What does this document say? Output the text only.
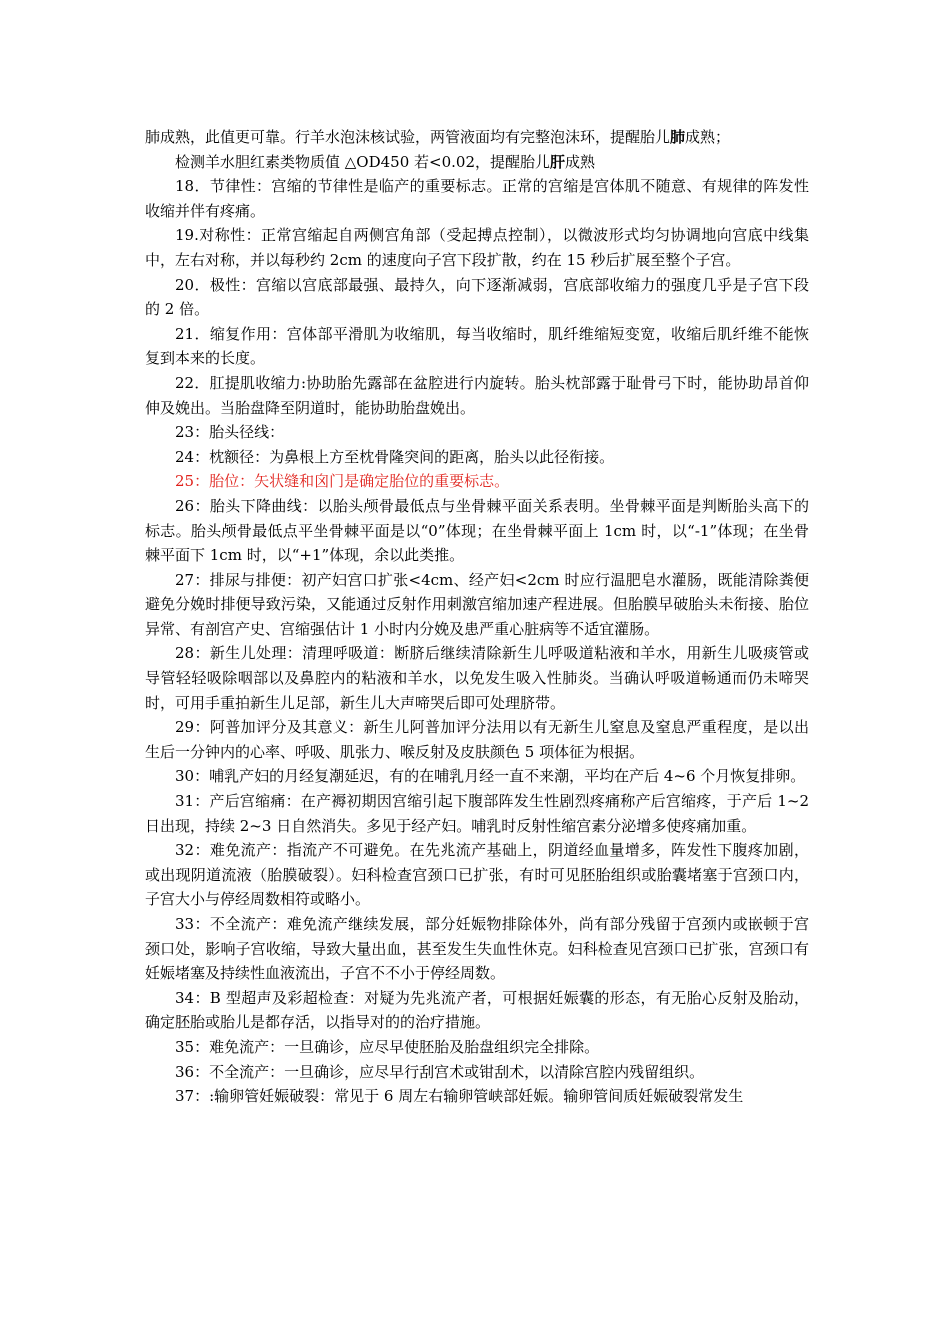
肺成熟，此值更可靠。行羊水泡沫核试验，两管液面均有完整泡沫环，提醒胎儿肺成熟；

检测羊水胆红素类物质值 △OD450 若<0.02，提醒胎儿肝成熟

18．节律性：宫缩的节律性是临产的重要标志。正常的宫缩是宫体肌不随意、有规律的阵发性收缩并伴有疼痛。

19.对称性：正常宫缩起自两侧宫角部（受起搏点控制），以微波形式均匀协调地向宫底中线集中，左右对称，并以每秒约 2cm 的速度向子宫下段扩散，约在 15 秒后扩展至整个子宫。

20．极性：宫缩以宫底部最强、最持久，向下逐渐减弱，宫底部收缩力的强度几乎是子宫下段的 2 倍。

21．缩复作用：宫体部平滑肌为收缩肌，每当收缩时，肌纤维缩短变宽，收缩后肌纤维不能恢复到本来的长度。

22．肛提肌收缩力:协助胎先露部在盆腔进行内旋转。胎头枕部露于耻骨弓下时，能协助昂首仰伸及娩出。当胎盘降至阴道时，能协助胎盘娩出。

23：胎头径线：

24：枕额径：为鼻根上方至枕骨隆突间的距离，胎头以此径衔接。

25：胎位：矢状缝和囟门是确定胎位的重要标志。

26：胎头下降曲线：以胎头颅骨最低点与坐骨棘平面关系表明。坐骨棘平面是判断胎头高下的标志。胎头颅骨最低点平坐骨棘平面是以“0”体现；在坐骨棘平面上 1cm 时，以“-1”体现；在坐骨棘平面下 1cm 时，以“+1”体现，余以此类推。

27：排尿与排便：初产妇宫口扩张<4cm、经产妇<2cm 时应行温肥皂水灌肠，既能清除粪便避免分娩时排便导致污染，又能通过反射作用刺激宫缩加速产程进展。但胎膜早破胎头未衔接、胎位异常、有剖宫产史、宫缩强估计 1 小时内分娩及患严重心脏病等不适宜灌肠。

28：新生儿处理：清理呼吸道：断脐后继续清除新生儿呼吸道粘液和羊水，用新生儿吸痰管或导管轻轻吸除咽部以及鼻腔内的粘液和羊水，以免发生吸入性肺炎。当确认呼吸道畅通而仍未啼哭时，可用手重拍新生儿足部，新生儿大声啼哭后即可处理脐带。

29：阿普加评分及其意义：新生儿阿普加评分法用以有无新生儿窒息及窒息严重程度，是以出生后一分钟内的心率、呼吸、肌张力、喉反射及皮肤颜色 5 项体征为根据。

30：哺乳产妇的月经复潮延迟，有的在哺乳月经一直不来潮，平均在产后 4~6 个月恢复排卵。

31：产后宫缩痛：在产褥初期因宫缩引起下腹部阵发生性剧烈疼痛称产后宫缩疼，于产后 1~2 日出现，持续 2~3 日自然消失。多见于经产妇。哺乳时反射性缩宫素分泌增多使疼痛加重。

32：难免流产：指流产不可避免。在先兆流产基础上，阴道经血量增多，阵发性下腹疼加剧，或出现阴道流液（胎膜破裂）。妇科检查宫颈口已扩张，有时可见胚胎组织或胎囊堵塞于宫颈口内，子宫大小与停经周数相符或略小。

33：不全流产：难免流产继续发展，部分妊娠物排除体外，尚有部分残留于宫颈内或嵌顿于宫颈口处，影响子宫收缩，导致大量出血，甚至发生失血性休克。妇科检查见宫颈口已扩张，宫颈口有妊娠堵塞及持续性血液流出，子宫不不小于停经周数。

34：B 型超声及彩超检查：对疑为先兆流产者，可根据妊娠囊的形态，有无胎心反射及胎动，确定胚胎或胎儿是都存活，以指导对的的治疗措施。

35：难免流产：一旦确诊，应尽早使胚胎及胎盘组织完全排除。

36：不全流产：一旦确诊，应尽早行刮宫术或钳刮术，以清除宫腔内残留组织。

37：:输卵管妊娠破裂：常见于 6 周左右输卵管峡部妊娠。输卵管间质妊娠破裂常发生
